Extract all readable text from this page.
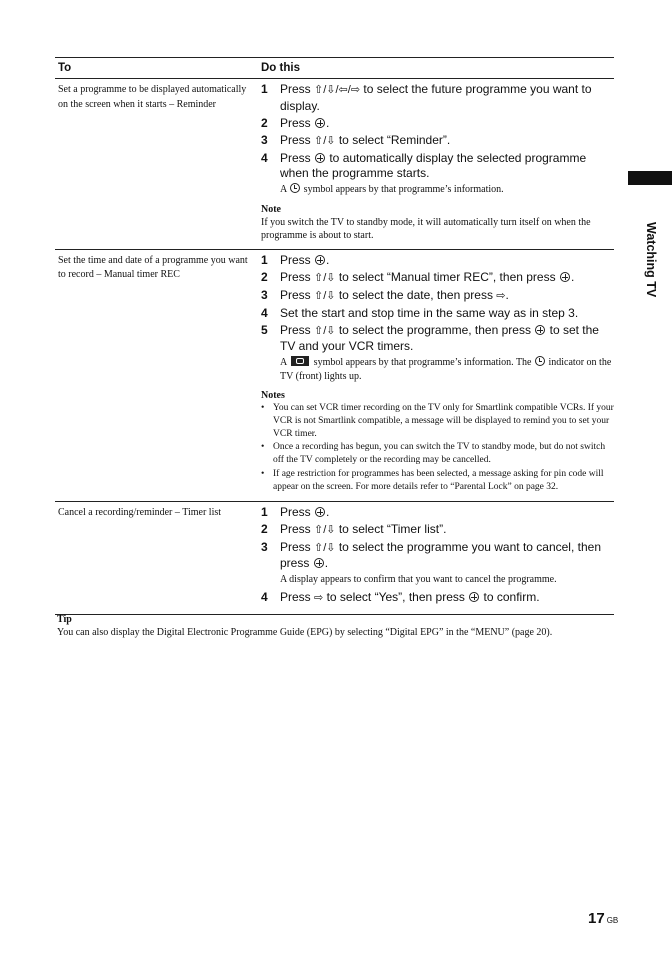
Watching TV
To	Do this
Set a programme to be displayed automatically on the screen when it starts – Reminder
1	Press ⇧/⇩/⇦/⇨ to select the future programme you want to display.
2	Press .
3	Press ⇧/⇩ to select “Reminder”.
4	Press  to automatically display the selected programme when the programme starts.
A  symbol appears by that programme’s information.
Note
If you switch the TV to standby mode, it will automatically turn itself on when the programme is about to start.
Set the time and date of a programme you want to record – Manual timer REC
1	Press .
2	Press ⇧/⇩ to select “Manual timer REC”, then press .
3	Press ⇧/⇩ to select the date, then press ⇨.
4	Set the start and stop time in the same way as in step 3.
5	Press ⇧/⇩ to select the programme, then press  to set the TV and your VCR timers.
A  symbol appears by that programme’s information. The  indicator on the TV (front) lights up.
Notes
• You can set VCR timer recording on the TV only for Smartlink compatible VCRs. If your VCR is not Smartlink compatible, a message will be displayed to remind you to set your VCR timer.
• Once a recording has begun, you can switch the TV to standby mode, but do not switch off the TV completely or the recording may be cancelled.
• If age restriction for programmes has been selected, a message asking for pin code will appear on the screen. For more details refer to “Parental Lock” on page 32.
Cancel a recording/reminder – Timer list	1	Press .
2	Press ⇧/⇩ to select “Timer list”.
3	Press ⇧/⇩ to select the programme you want to cancel, then press .
A display appears to confirm that you want to cancel the programme.
4	Press ⇨ to select “Yes”, then press  to confirm.
Tip
You can also display the Digital Electronic Programme Guide (EPG) by selecting “Digital EPG” in the “MENU” (page 20).
17 GB
